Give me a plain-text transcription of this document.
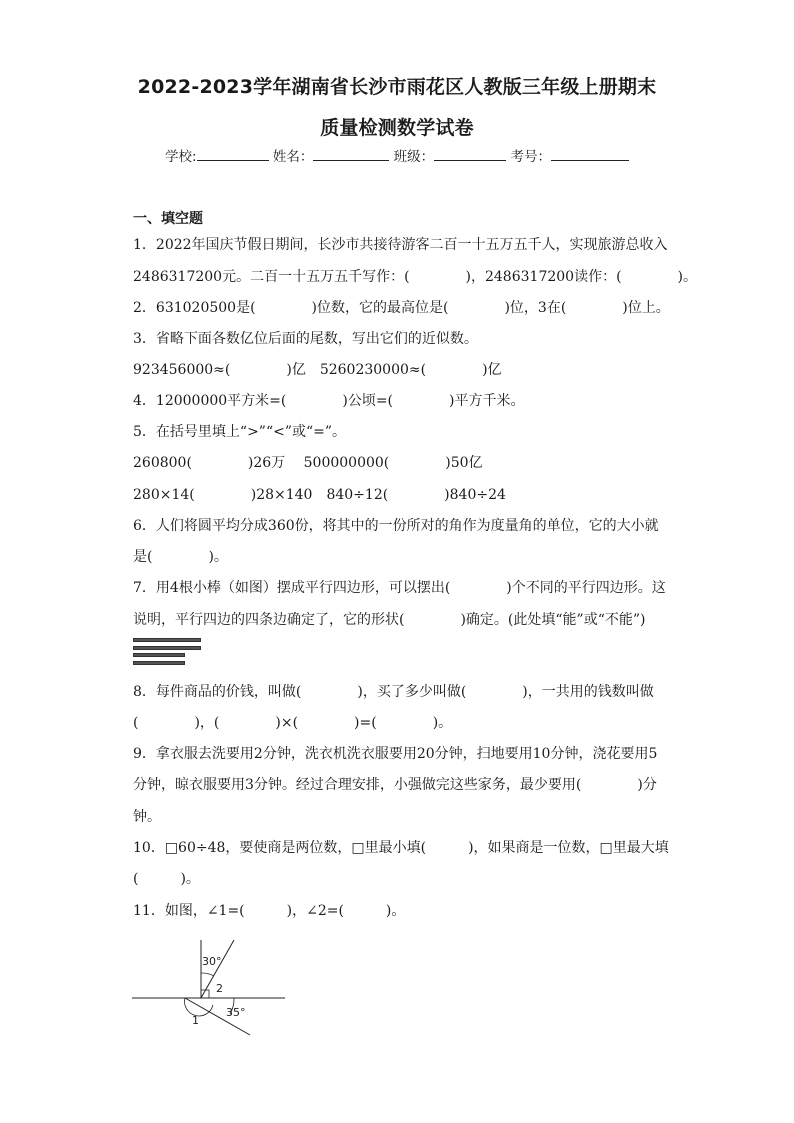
2022-2023学年湖南省长沙市雨花区人教版三年级上册期末
质量检测数学试卷
学校:	姓名：	班级：	考号：
一、填空题
1．2022年国庆节假日期间，长沙市共接待游客二百一十五万五千人，实现旅游总收入
2486317200元。二百一十五万五千写作：(　　　　)，2486317200读作：(　　　　)。
2．631020500是(　　　　)位数，它的最高位是(　　　　)位，3在(　　　　)位上。
3．省略下面各数亿位后面的尾数，写出它们的近似数。
923456000≈(　　　　)亿　5260230000≈(　　　　)亿
4．12000000平方米=(　　　　)公顷=(　　　　)平方千米。
5．在括号里填上“>”“<”或“=”。
260800(　　　　)26万　 500000000(　　　　)50亿
280×14(　　　　)28×140　840÷12(　　　　)840÷24
6．人们将圆平均分成360份，将其中的一份所对的角作为度量角的单位，它的大小就
是(　　　　)。
7．用4根小棒（如图）摆成平行四边形，可以摆出(　　　　)个不同的平行四边形。这
说明，平行四边的四条边确定了，它的形状(　　　　)确定。(此处填“能”或“不能”)
8．每件商品的价钱，叫做(　　　　)，买了多少叫做(　　　　)，一共用的钱数叫做
(　　　　)，(　　　　)×(　　　　)=(　　　　)。
9．拿衣服去洗要用2分钟，洗衣机洗衣服要用20分钟，扫地要用10分钟，浇花要用5
分钟，晾衣服要用3分钟。经过合理安排，小强做完这些家务，最少要用(　　　　)分
钟。
10．□60÷48，要使商是两位数，□里最小填(　　　)，如果商是一位数，□里最大填
(　　　)。
11．如图，∠1=(　　　)，∠2=(　　　)。
30°
2
35°
1
